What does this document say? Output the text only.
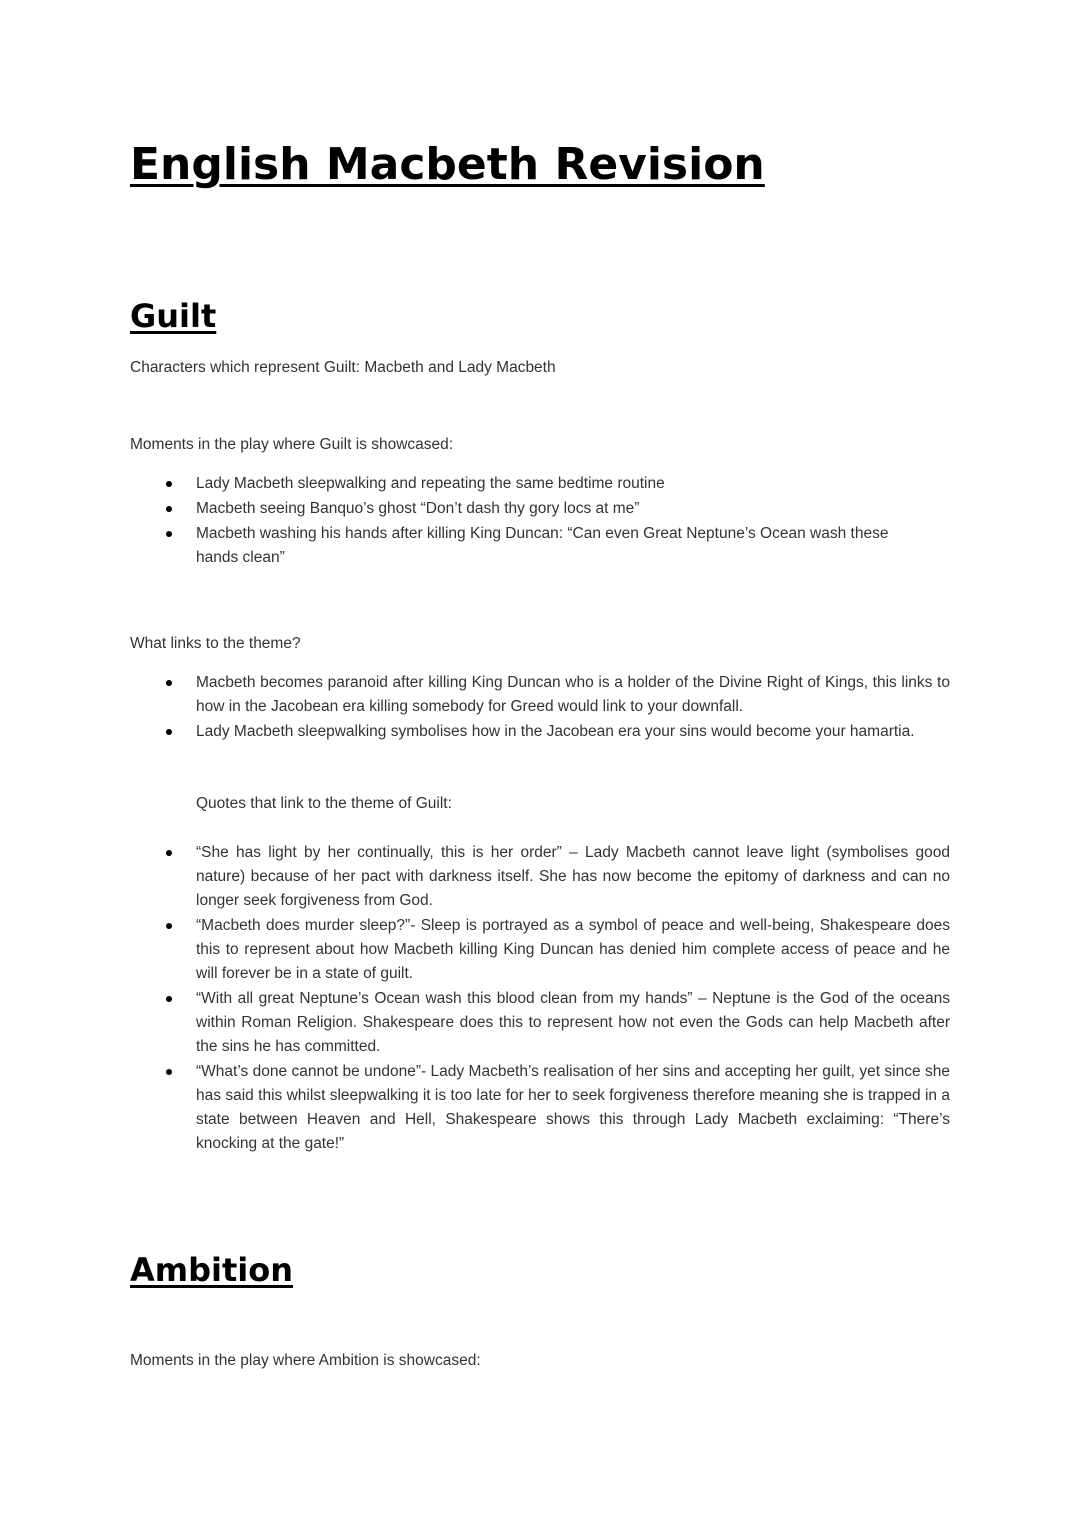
English Macbeth Revision
Guilt

Characters which represent Guilt: Macbeth and Lady Macbeth

Moments in the play where Guilt is showcased:

Lady Macbeth sleepwalking and repeating the same bedtime routine
Macbeth seeing Banquo’s ghost “Don’t dash thy gory locs at me”
Macbeth washing his hands after killing King Duncan: “Can even Great Neptune’s Ocean wash these hands clean”

What links to the theme?

Macbeth becomes paranoid after killing King Duncan who is a holder of the Divine Right of Kings, this links to how in the Jacobean era killing somebody for Greed would link to your downfall.
Lady Macbeth sleepwalking symbolises how in the Jacobean era your sins would become your hamartia.

Quotes that link to the theme of Guilt:

“She has light by her continually, this is her order” – Lady Macbeth cannot leave light (symbolises good nature) because of her pact with darkness itself. She has now become the epitomy of darkness and can no longer seek forgiveness from God.
“Macbeth does murder sleep?”- Sleep is portrayed as a symbol of peace and well-being, Shakespeare does this to represent about how Macbeth killing King Duncan has denied him complete access of peace and he will forever be in a state of guilt.
“With all great Neptune’s Ocean wash this blood clean from my hands” – Neptune is the God of the oceans within Roman Religion. Shakespeare does this to represent how not even the Gods can help Macbeth after the sins he has committed.
“What’s done cannot be undone”- Lady Macbeth’s realisation of her sins and accepting her guilt, yet since she has said this whilst sleepwalking it is too late for her to seek forgiveness therefore meaning she is trapped in a state between Heaven and Hell, Shakespeare shows this through Lady Macbeth exclaiming: “There’s knocking at the gate!”
Ambition

Moments in the play where Ambition is showcased:
